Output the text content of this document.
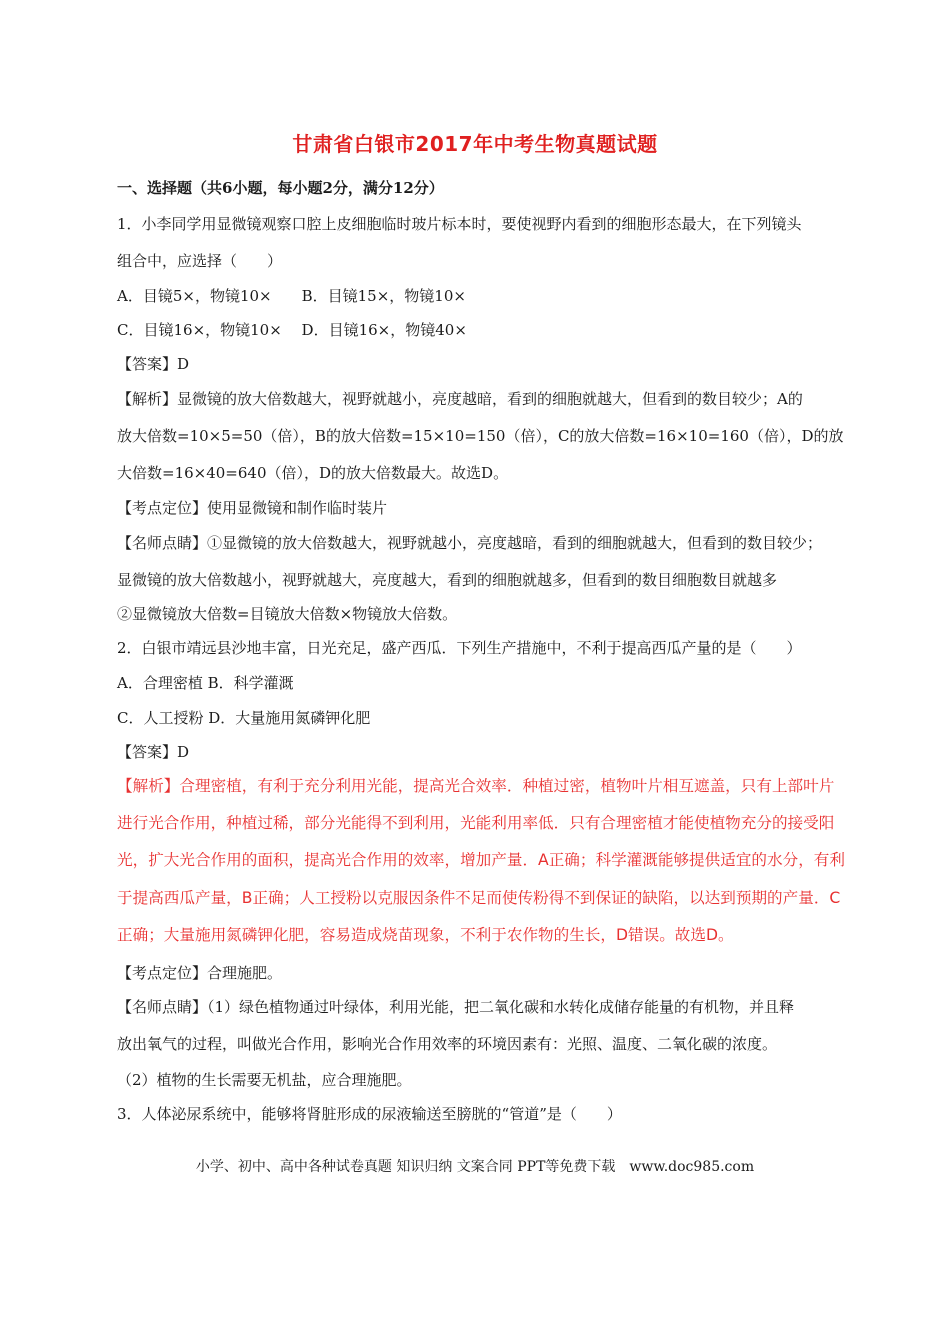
甘肃省白银市2017年中考生物真题试题
一、选择题（共6小题，每小题2分，满分12分）
1．小李同学用显微镜观察口腔上皮细胞临时玻片标本时，要使视野内看到的细胞形态最大，在下列镜头
组合中，应选择（　　）
A．目镜5×，物镜10×　　B．目镜15×，物镜10×
C．目镜16×，物镜10×　 D．目镜16×，物镜40×
【答案】D
【解析】显微镜的放大倍数越大，视野就越小，亮度越暗，看到的细胞就越大，但看到的数目较少；A的
放大倍数=10×5=50（倍），B的放大倍数=15×10=150（倍），C的放大倍数=16×10=160（倍），D的放
大倍数=16×40=640（倍），D的放大倍数最大。故选D。
【考点定位】使用显微镜和制作临时装片
【名师点睛】①显微镜的放大倍数越大，视野就越小，亮度越暗，看到的细胞就越大，但看到的数目较少；
显微镜的放大倍数越小，视野就越大，亮度越大，看到的细胞就越多，但看到的数目细胞数目就越多
②显微镜放大倍数=目镜放大倍数×物镜放大倍数。
2．白银市靖远县沙地丰富，日光充足，盛产西瓜．下列生产措施中，不利于提高西瓜产量的是（　　）
A．合理密植 B．科学灌溉
C．人工授粉 D．大量施用氮磷钾化肥
【答案】D
【解析】合理密植，有利于充分利用光能，提高光合效率．种植过密，植物叶片相互遮盖，只有上部叶片
进行光合作用，种植过稀，部分光能得不到利用，光能利用率低．只有合理密植才能使植物充分的接受阳
光，扩大光合作用的面积，提高光合作用的效率，增加产量．A正确；科学灌溉能够提供适宜的水分，有利
于提高西瓜产量，B正确；人工授粉以克服因条件不足而使传粉得不到保证的缺陷，以达到预期的产量．C
正确；大量施用氮磷钾化肥，容易造成烧苗现象，不利于农作物的生长，D错误。故选D。
【考点定位】合理施肥。
【名师点睛】（1）绿色植物通过叶绿体，利用光能，把二氧化碳和水转化成储存能量的有机物，并且释
放出氧气的过程，叫做光合作用，影响光合作用效率的环境因素有：光照、温度、二氧化碳的浓度。
（2）植物的生长需要无机盐，应合理施肥。
3．人体泌尿系统中，能够将肾脏形成的尿液输送至膀胱的“管道”是（　　）
小学、初中、高中各种试卷真题 知识归纳 文案合同 PPT等免费下载　www.doc985.com
